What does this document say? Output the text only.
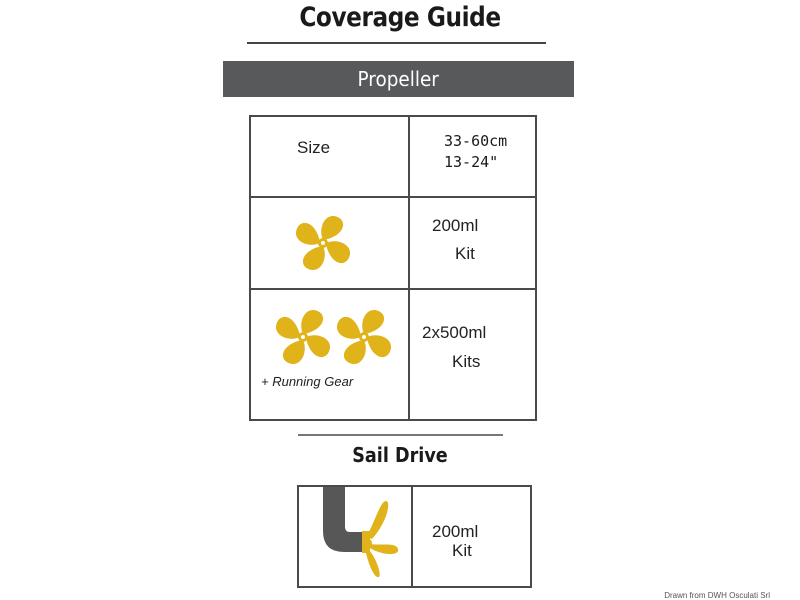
Coverage Guide
Propeller
Size	33-60cm
13-24"
200ml
Kit
+ Running Gear
2x500ml
Kits
Sail Drive
200ml
Kit
Drawn from DWH Osculati Srl
